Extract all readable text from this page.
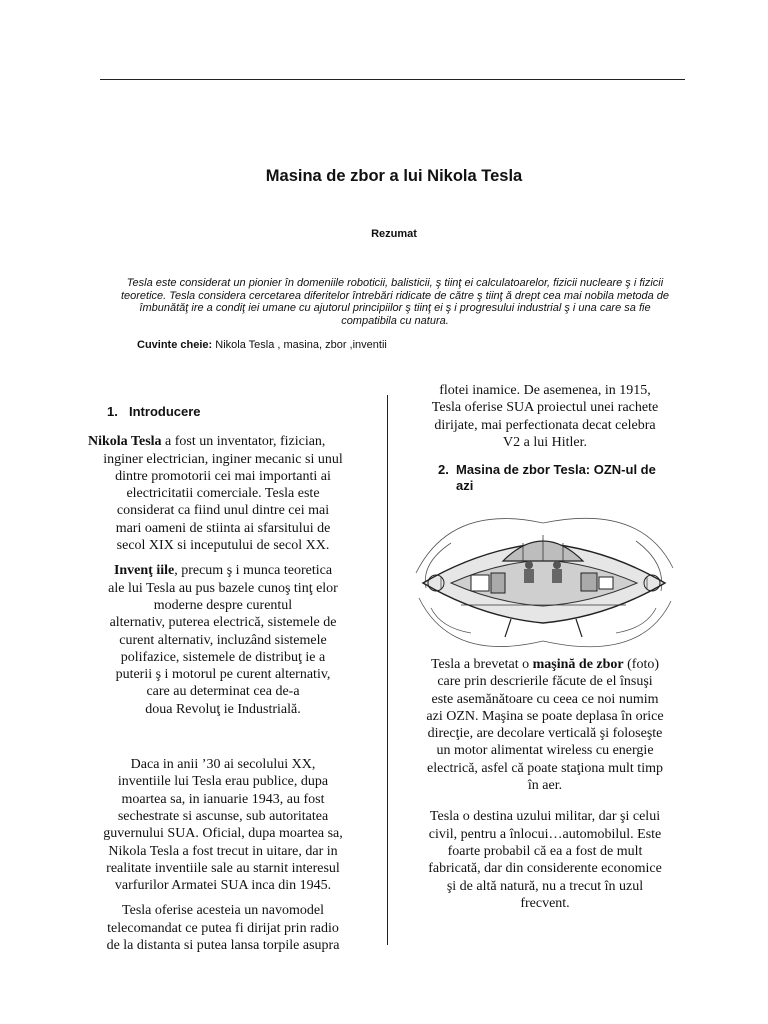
Masina de zbor a lui Nikola Tesla
Rezumat
Tesla este considerat un pionier în domeniile roboticii, balisticii, ş tiinţ ei calculatoarelor, fizicii nucleare ş i fizicii
teoretice. Tesla considera cercetarea diferitelor întrebări ridicate de către ş tiinţ ă drept cea mai nobila metoda de
îmbunătăţ ire a condiţ iei umane cu ajutorul principiilor ş tiinţ ei ş i progresului industrial ş i una care sa fie
compatibila cu natura.
Cuvinte cheie: Nikola Tesla , masina, zbor ,inventii
1. Introducere

Nikola Tesla a fost un inventator, fizician,
inginer electrician, inginer mecanic si unul
dintre promotorii cei mai importanti ai
electricitatii comerciale. Tesla este
considerat ca fiind unul dintre cei mai
mari oameni de stiinta ai sfarsitului de
secol XIX si inceputului de secol XX.

Invenţ iile, precum ş i munca teoretica
ale lui Tesla au pus bazele cunoş tinţ elor
moderne despre curentul
alternativ, puterea electrică, sistemele de
curent alternativ, incluzând sistemele
polifazice, sistemele de distribuţ ie a
puterii ş i motorul pe curent alternativ,
care au determinat cea de-a
doua Revoluţ ie Industrială.

Daca in anii ’30 ai secolului XX,
inventiile lui Tesla erau publice, dupa
moartea sa, in ianuarie 1943, au fost
sechestrate si ascunse, sub autoritatea
guvernului SUA. Oficial, dupa moartea sa,
Nikola Tesla a fost trecut in uitare, dar in
realitate inventiile sale au starnit interesul
varfurilor Armatei SUA inca din 1945.

Tesla oferise acesteia un navomodel
telecomandat ce putea fi dirijat prin radio
de la distanta si putea lansa torpile asupra

flotei inamice. De asemenea, in 1915,
Tesla oferise SUA proiectul unei rachete
dirijate, mai perfectionata decat celebra
V2 a lui Hitler.

2. Masina de zbor Tesla: OZN-ul de
azi

Tesla a brevetat o maşină de zbor (foto)
care prin descrierile făcute de el însuşi
este asemănătoare cu ceea ce noi numim
azi OZN. Maşina se poate deplasa în orice
direcţie, are decolare verticală şi foloseşte
un motor alimentat wireless cu energie
electrică, asfel că poate staţiona mult timp
în aer.

Tesla o destina uzului militar, dar şi celui
civil, pentru a înlocui…automobilul. Este
foarte probabil că ea a fost de mult
fabricată, dar din considerente economice
şi de altă natură, nu a trecut în uzul
frecvent.
